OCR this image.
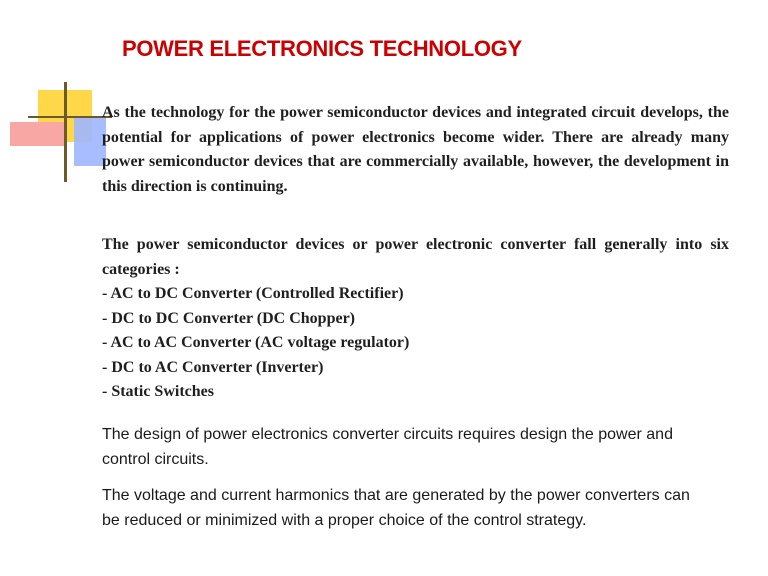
POWER ELECTRONICS TECHNOLOGY
As the technology for the power semiconductor devices and integrated circuit develops, the potential for applications of power electronics become wider. There are already many power semiconductor devices that are commercially available, however, the development in this direction is continuing.
The power semiconductor devices or power electronic converter fall generally into six categories :
- AC to DC Converter (Controlled Rectifier)
- DC to DC Converter (DC Chopper)
- AC to AC Converter (AC voltage regulator)
- DC to AC Converter (Inverter)
- Static Switches
The design of power electronics converter circuits requires design the power and control circuits.
The voltage and current harmonics that are generated by the power converters can be reduced or minimized with a proper choice of the control strategy.
